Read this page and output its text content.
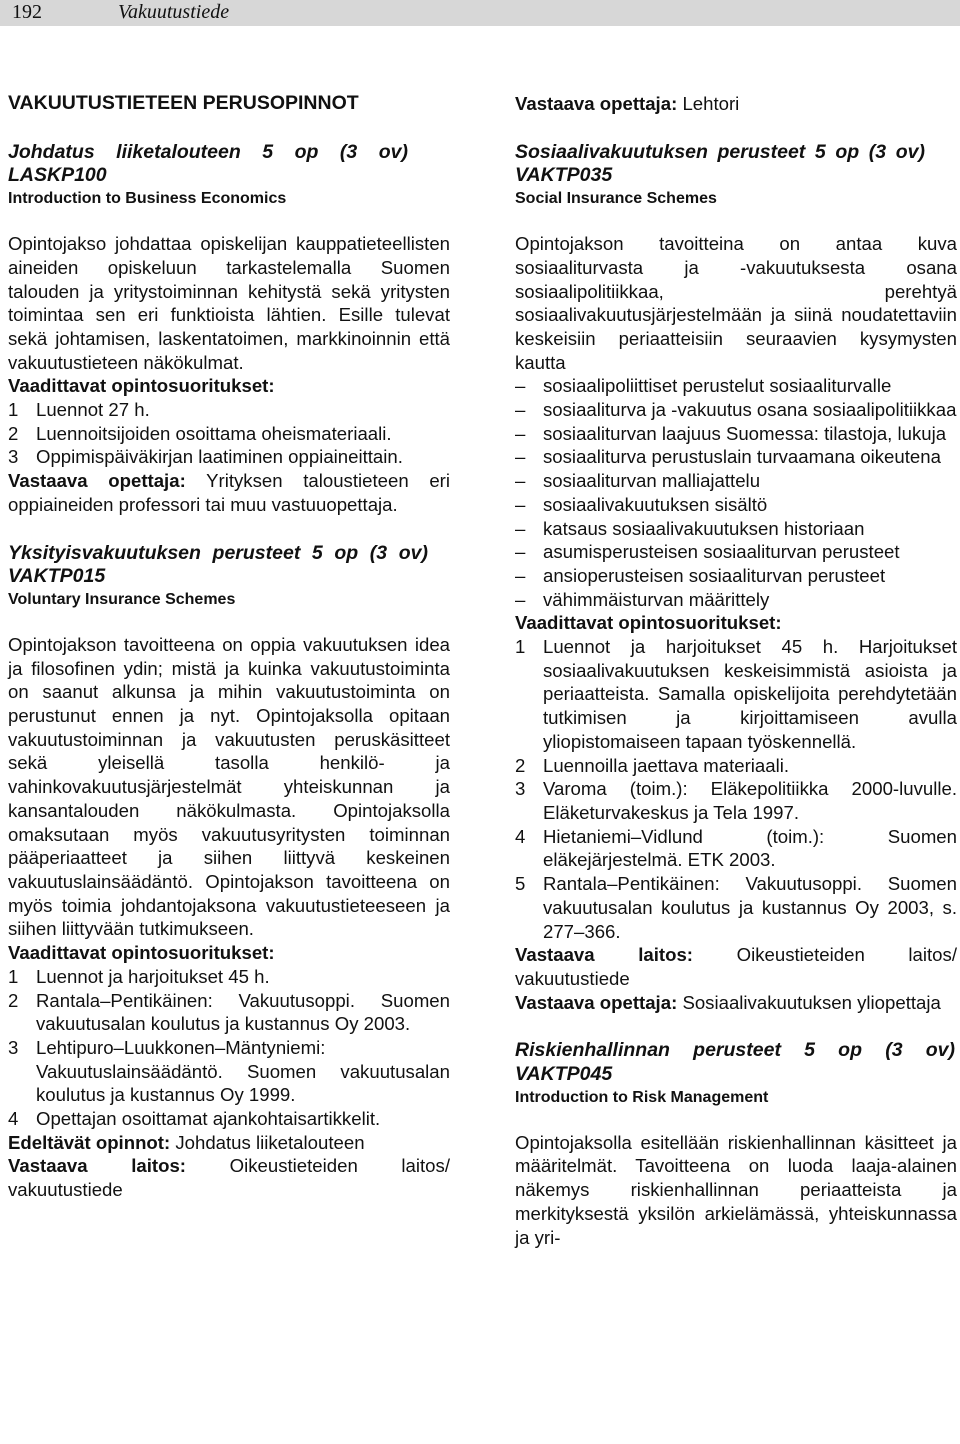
192	Vakuutustiede

VAKUUTUSTIETEEN PERUSOPINNOT

Johdatus liiketalouteen 5 op (3 ov) LASKP100

Introduction to Business Economics

Opintojakso johdattaa opiskelijan kauppatieteellisten aineiden opiskeluun tarkastelemalla Suomen talouden ja yritystoiminnan kehitystä sekä yritysten toimintaa sen eri funktioista lähtien. Esille tulevat sekä johtamisen, laskentatoimen, markkinoinnin että vakuutustieteen näkökulmat.

Vaadittavat opintosuoritukset:

1 Luennot 27 h.
2 Luennoitsijoiden osoittama oheismateriaali.
3 Oppimispäiväkirjan laatiminen oppiaineittain.

Vastaava opettaja: Yrityksen taloustieteen eri oppiaineiden professori tai muu vastuuopettaja.

Yksityisvakuutuksen perusteet 5 op (3 ov) VAKTP015

Voluntary Insurance Schemes

Opintojakson tavoitteena on oppia vakuutuksen idea ja filosofinen ydin; mistä ja kuinka vakuutustoiminta on saanut alkunsa ja mihin vakuutustoiminta on perustunut ennen ja nyt. Opintojaksolla opitaan vakuutustoiminnan ja vakuutusten peruskäsitteet sekä yleisellä tasolla henkilö- ja vahinkovakuutusjärjestelmät yhteiskunnan ja kansantalouden näkökulmasta. Opintojaksolla omaksutaan myös vakuutusyritysten toiminnan pääperiaatteet ja siihen liittyvä keskeinen vakuutuslainsäädäntö. Opintojakson tavoitteena on myös toimia johdantojaksona vakuutustieteeseen ja siihen liittyvään tutkimukseen.

Vaadittavat opintosuoritukset:

1 Luennot ja harjoitukset 45 h.
2 Rantala–Pentikäinen: Vakuutusoppi. Suomen vakuutusalan koulutus ja kustannus Oy 2003.
3 Lehtipuro–Luukkonen–Mäntyniemi: Vakuutuslainsäädäntö. Suomen vakuutusalan koulutus ja kustannus Oy 1999.
4 Opettajan osoittamat ajankohtaisartikkelit.

Edeltävät opinnot: Johdatus liiketalouteen

Vastaava laitos: Oikeustieteiden laitos/ vakuutustiede

Vastaava opettaja: Lehtori

Sosiaalivakuutuksen perusteet 5 op (3 ov) VAKTP035

Social Insurance Schemes

Opintojakson tavoitteina on antaa kuva sosiaaliturvasta ja -vakuutuksesta osana sosiaalipolitiikkaa, perehtyä sosiaalivakuutusjärjestelmään ja siinä noudatettaviin keskeisiin periaatteisiin seuraavien kysymysten kautta

– sosiaalipoliittiset perustelut sosiaaliturvalle
– sosiaaliturva ja -vakuutus osana sosiaalipolitiikkaa
– sosiaaliturvan laajuus Suomessa: tilastoja, lukuja
– sosiaaliturva perustuslain turvaamana oikeutena
– sosiaaliturvan malliajattelu
– sosiaalivakuutuksen sisältö
– katsaus sosiaalivakuutuksen historiaan
– asumisperusteisen sosiaaliturvan perusteet
– ansioperusteisen sosiaaliturvan perusteet
– vähimmäisturvan määrittely

Vaadittavat opintosuoritukset:

1 Luennot ja harjoitukset 45 h. Harjoitukset sosiaalivakuutuksen keskeisimmistä asioista ja periaatteista. Samalla opiskelijoita perehdytetään tutkimisen ja kirjoittamiseen avulla yliopistomaiseen tapaan työskennellä.
2 Luennoilla jaettava materiaali.
3 Varoma (toim.): Eläkepolitiikka 2000-luvulle. Eläketurvakeskus ja Tela 1997.
4 Hietaniemi–Vidlund (toim.): Suomen eläkejärjestelmä. ETK 2003.
5 Rantala–Pentikäinen: Vakuutusoppi. Suomen vakuutusalan koulutus ja kustannus Oy 2003, s. 277–366.

Vastaava laitos: Oikeustieteiden laitos/ vakuutustiede

Vastaava opettaja: Sosiaalivakuutuksen yliopettaja

Riskienhallinnan perusteet 5 op (3 ov) VAKTP045

Introduction to Risk Management

Opintojaksolla esitellään riskienhallinnan käsitteet ja määritelmät. Tavoitteena on luoda laaja-alainen näkemys riskienhallinnan periaatteista ja merkityksestä yksilön arkielämässä, yhteiskunnassa ja yri-
